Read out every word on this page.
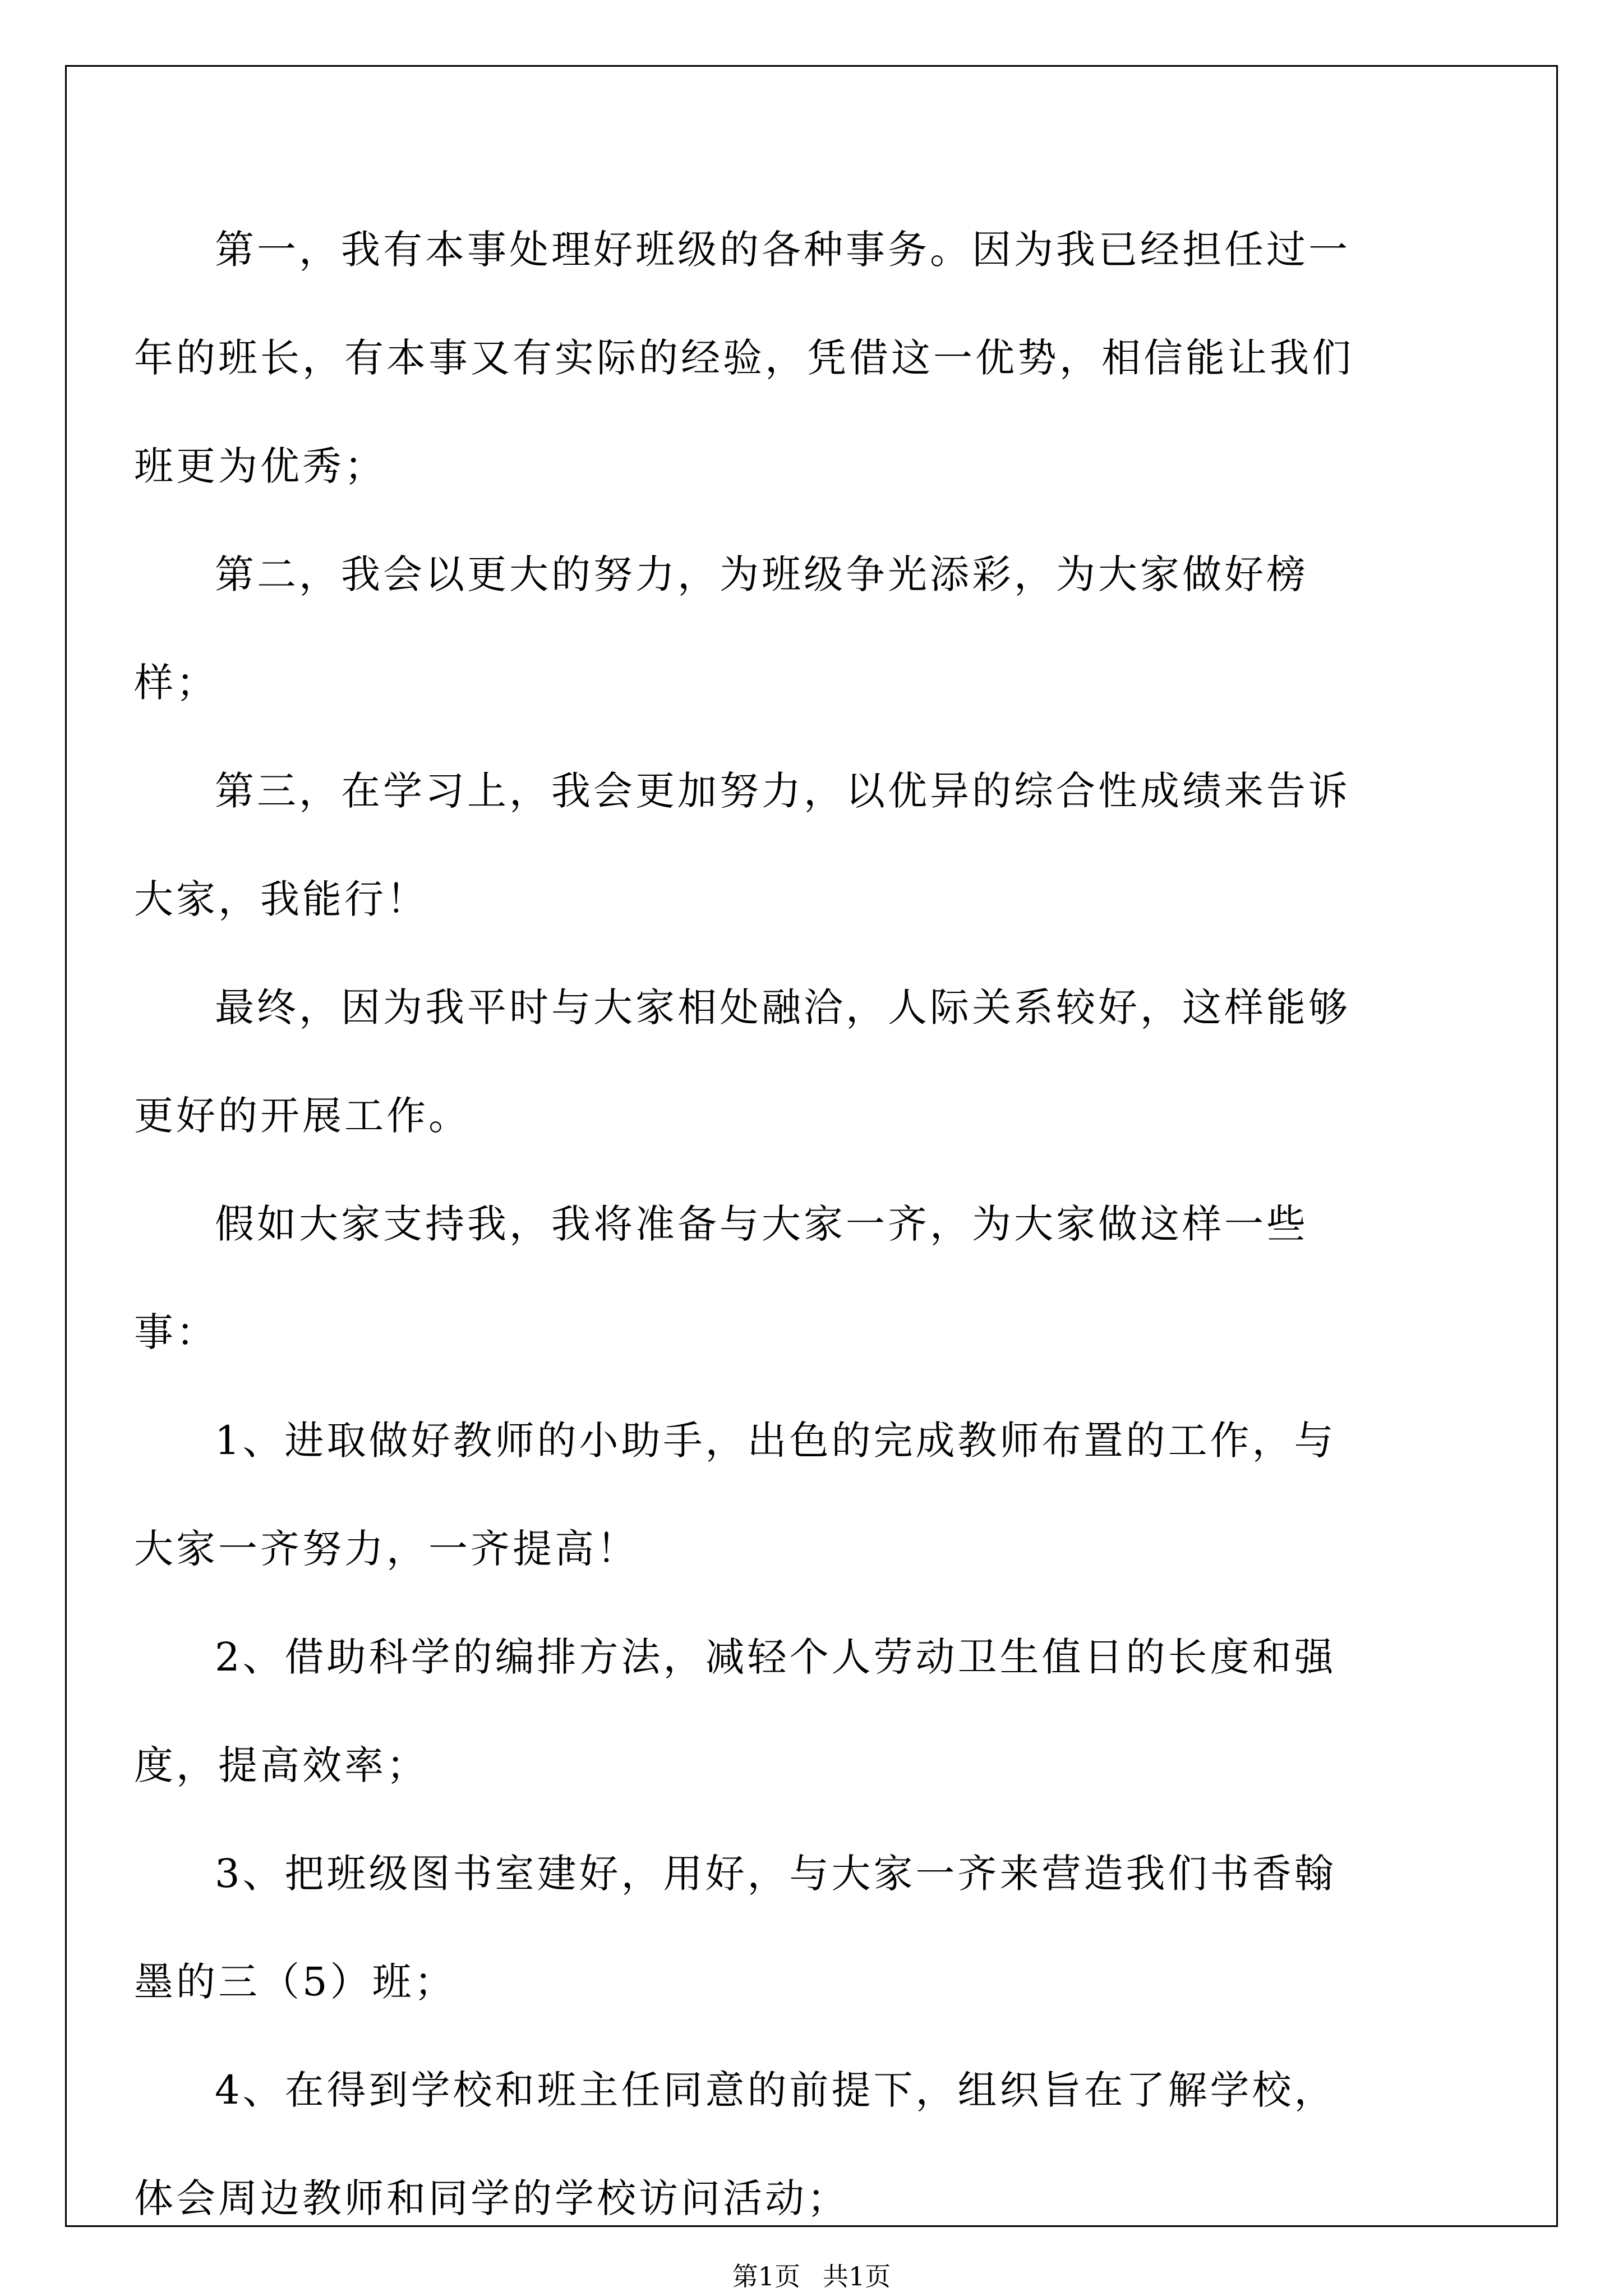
第一，我有本事处理好班级的各种事务。因为我已经担任过一年的班长，有本事又有实际的经验，凭借这一优势，相信能让我们班更为优秀；

第二，我会以更大的努力，为班级争光添彩，为大家做好榜样；

第三，在学习上，我会更加努力，以优异的综合性成绩来告诉大家，我能行！

最终，因为我平时与大家相处融洽，人际关系较好，这样能够更好的开展工作。

假如大家支持我，我将准备与大家一齐，为大家做这样一些事：

1、进取做好教师的小助手，出色的完成教师布置的工作，与大家一齐努力，一齐提高！

2、借助科学的编排方法，减轻个人劳动卫生值日的长度和强度，提高效率；

3、把班级图书室建好，用好，与大家一齐来营造我们书香翰墨的三（5）班；

4、在得到学校和班主任同意的前提下，组织旨在了解学校，体会周边教师和同学的学校访问活动；

第1页 共1页
